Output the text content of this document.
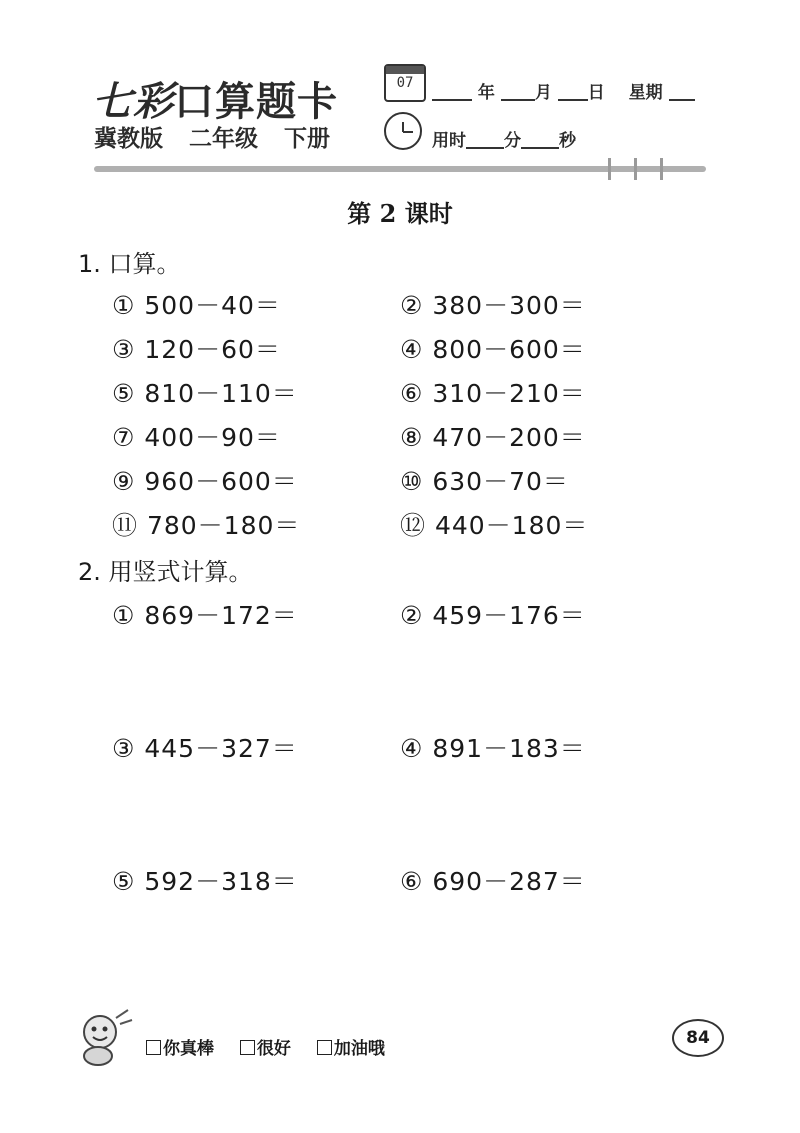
七彩口算题卡
冀教版 二年级 下册
07	年 月 日 星期
用时 分 秒
第 2 课时
1. 口算。
① 500－40＝	② 380－300＝
③ 120－60＝	④ 800－600＝
⑤ 810－110＝	⑥ 310－210＝
⑦ 400－90＝	⑧ 470－200＝
⑨ 960－600＝	⑩ 630－70＝
⑪ 780－180＝	⑫ 440－180＝
2. 用竖式计算。
① 869－172＝	② 459－176＝
③ 445－327＝	④ 891－183＝
⑤ 592－318＝	⑥ 690－287＝
你真棒	很好	加油哦
84
